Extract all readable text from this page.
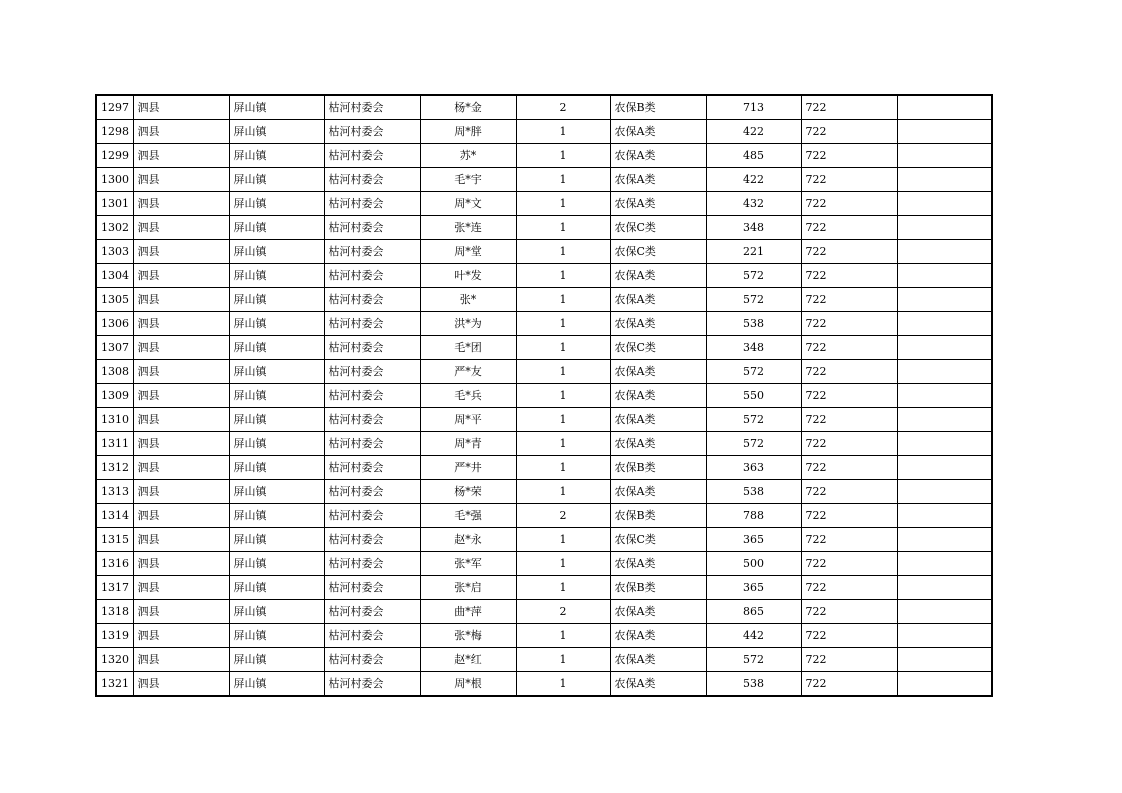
1297	泗县	屏山镇	枯河村委会	杨*金	2	农保B类	713	722	
1298	泗县	屏山镇	枯河村委会	周*胖	1	农保A类	422	722	
1299	泗县	屏山镇	枯河村委会	苏*	1	农保A类	485	722	
1300	泗县	屏山镇	枯河村委会	毛*宇	1	农保A类	422	722	
1301	泗县	屏山镇	枯河村委会	周*文	1	农保A类	432	722	
1302	泗县	屏山镇	枯河村委会	张*连	1	农保C类	348	722	
1303	泗县	屏山镇	枯河村委会	周*堂	1	农保C类	221	722	
1304	泗县	屏山镇	枯河村委会	叶*发	1	农保A类	572	722	
1305	泗县	屏山镇	枯河村委会	张*	1	农保A类	572	722	
1306	泗县	屏山镇	枯河村委会	洪*为	1	农保A类	538	722	
1307	泗县	屏山镇	枯河村委会	毛*团	1	农保C类	348	722	
1308	泗县	屏山镇	枯河村委会	严*友	1	农保A类	572	722	
1309	泗县	屏山镇	枯河村委会	毛*兵	1	农保A类	550	722	
1310	泗县	屏山镇	枯河村委会	周*平	1	农保A类	572	722	
1311	泗县	屏山镇	枯河村委会	周*青	1	农保A类	572	722	
1312	泗县	屏山镇	枯河村委会	严*井	1	农保B类	363	722	
1313	泗县	屏山镇	枯河村委会	杨*荣	1	农保A类	538	722	
1314	泗县	屏山镇	枯河村委会	毛*强	2	农保B类	788	722	
1315	泗县	屏山镇	枯河村委会	赵*永	1	农保C类	365	722	
1316	泗县	屏山镇	枯河村委会	张*军	1	农保A类	500	722	
1317	泗县	屏山镇	枯河村委会	张*启	1	农保B类	365	722	
1318	泗县	屏山镇	枯河村委会	曲*萍	2	农保A类	865	722	
1319	泗县	屏山镇	枯河村委会	张*梅	1	农保A类	442	722	
1320	泗县	屏山镇	枯河村委会	赵*红	1	农保A类	572	722	
1321	泗县	屏山镇	枯河村委会	周*根	1	农保A类	538	722	
